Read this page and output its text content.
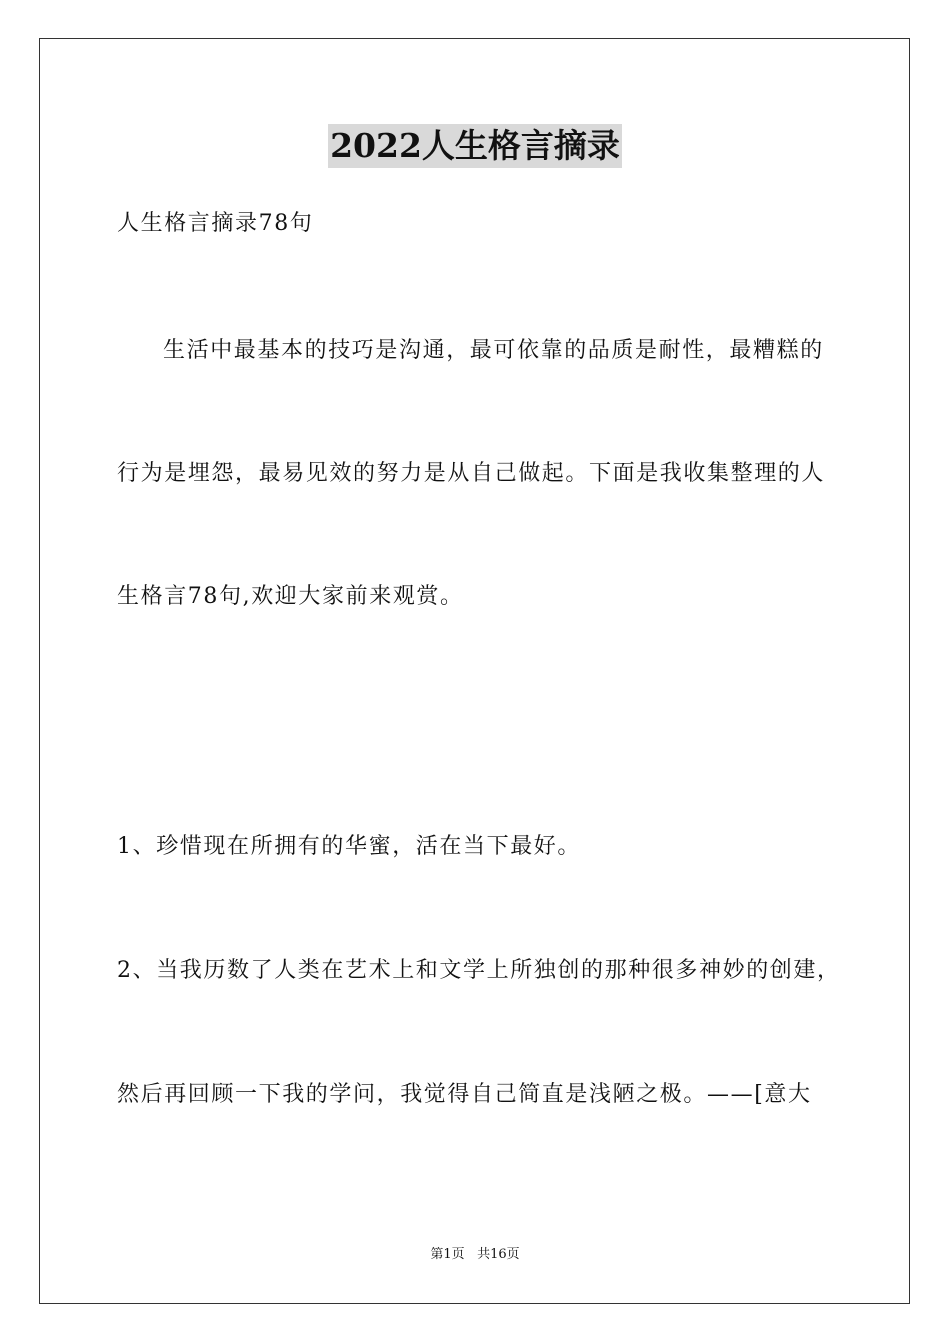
2022人生格言摘录
人生格言摘录78句
生活中最基本的技巧是沟通，最可依靠的品质是耐性，最糟糕的
行为是埋怨，最易见效的努力是从自己做起。下面是我收集整理的人
生格言78句,欢迎大家前来观赏。
1、珍惜现在所拥有的华蜜，活在当下最好。
2、当我历数了人类在艺术上和文学上所独创的那种很多神妙的创建，
然后再回顾一下我的学问，我觉得自己简直是浅陋之极。——[意大
第1页 共16页
